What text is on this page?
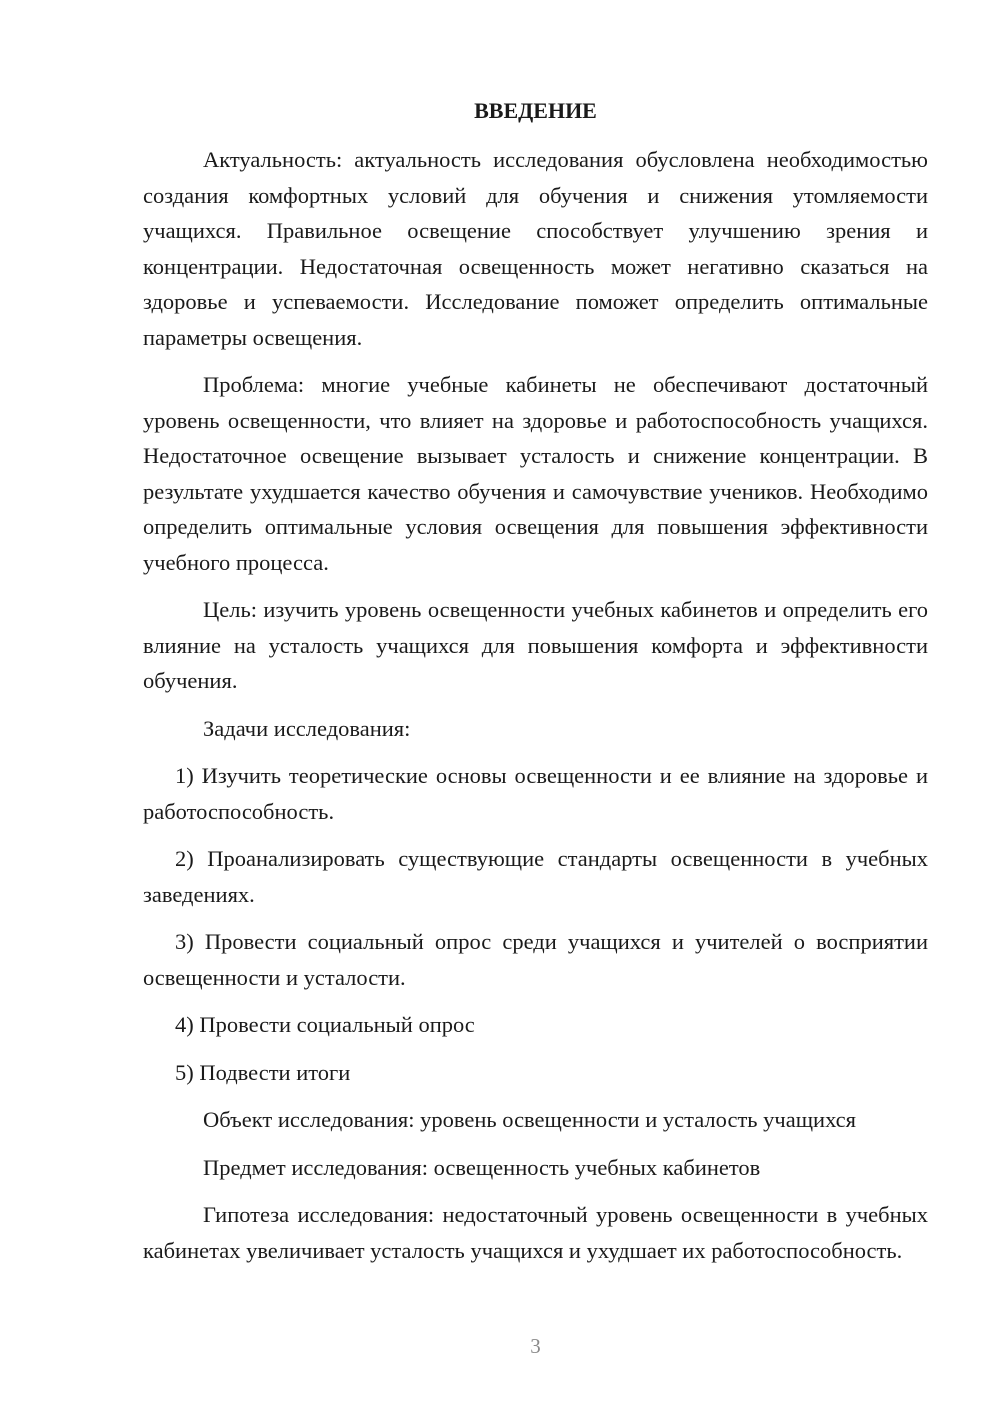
ВВЕДЕНИЕ

Актуальность: актуальность исследования обусловлена необходимостью создания комфортных условий для обучения и снижения утомляемости учащихся. Правильное освещение способствует улучшению зрения и концентрации. Недостаточная освещенность может негативно сказаться на здоровье и успеваемости. Исследование поможет определить оптимальные параметры освещения.

Проблема: многие учебные кабинеты не обеспечивают достаточный уровень освещенности, что влияет на здоровье и работоспособность учащихся. Недостаточное освещение вызывает усталость и снижение концентрации. В результате ухудшается качество обучения и самочувствие учеников. Необходимо определить оптимальные условия освещения для повышения эффективности учебного процесса.

Цель: изучить уровень освещенности учебных кабинетов и определить его влияние на усталость учащихся для повышения комфорта и эффективности обучения.

Задачи исследования:

1) Изучить теоретические основы освещенности и ее влияние на здоровье и работоспособность.

2) Проанализировать существующие стандарты освещенности в учебных заведениях.

3) Провести социальный опрос среди учащихся и учителей о восприятии освещенности и усталости.

4) Провести социальный опрос

5) Подвести итоги

Объект исследования: уровень освещенности и усталость учащихся

Предмет исследования: освещенность учебных кабинетов

Гипотеза исследования: недостаточный уровень освещенности в учебных кабинетах увеличивает усталость учащихся и ухудшает их работоспособность.

3
